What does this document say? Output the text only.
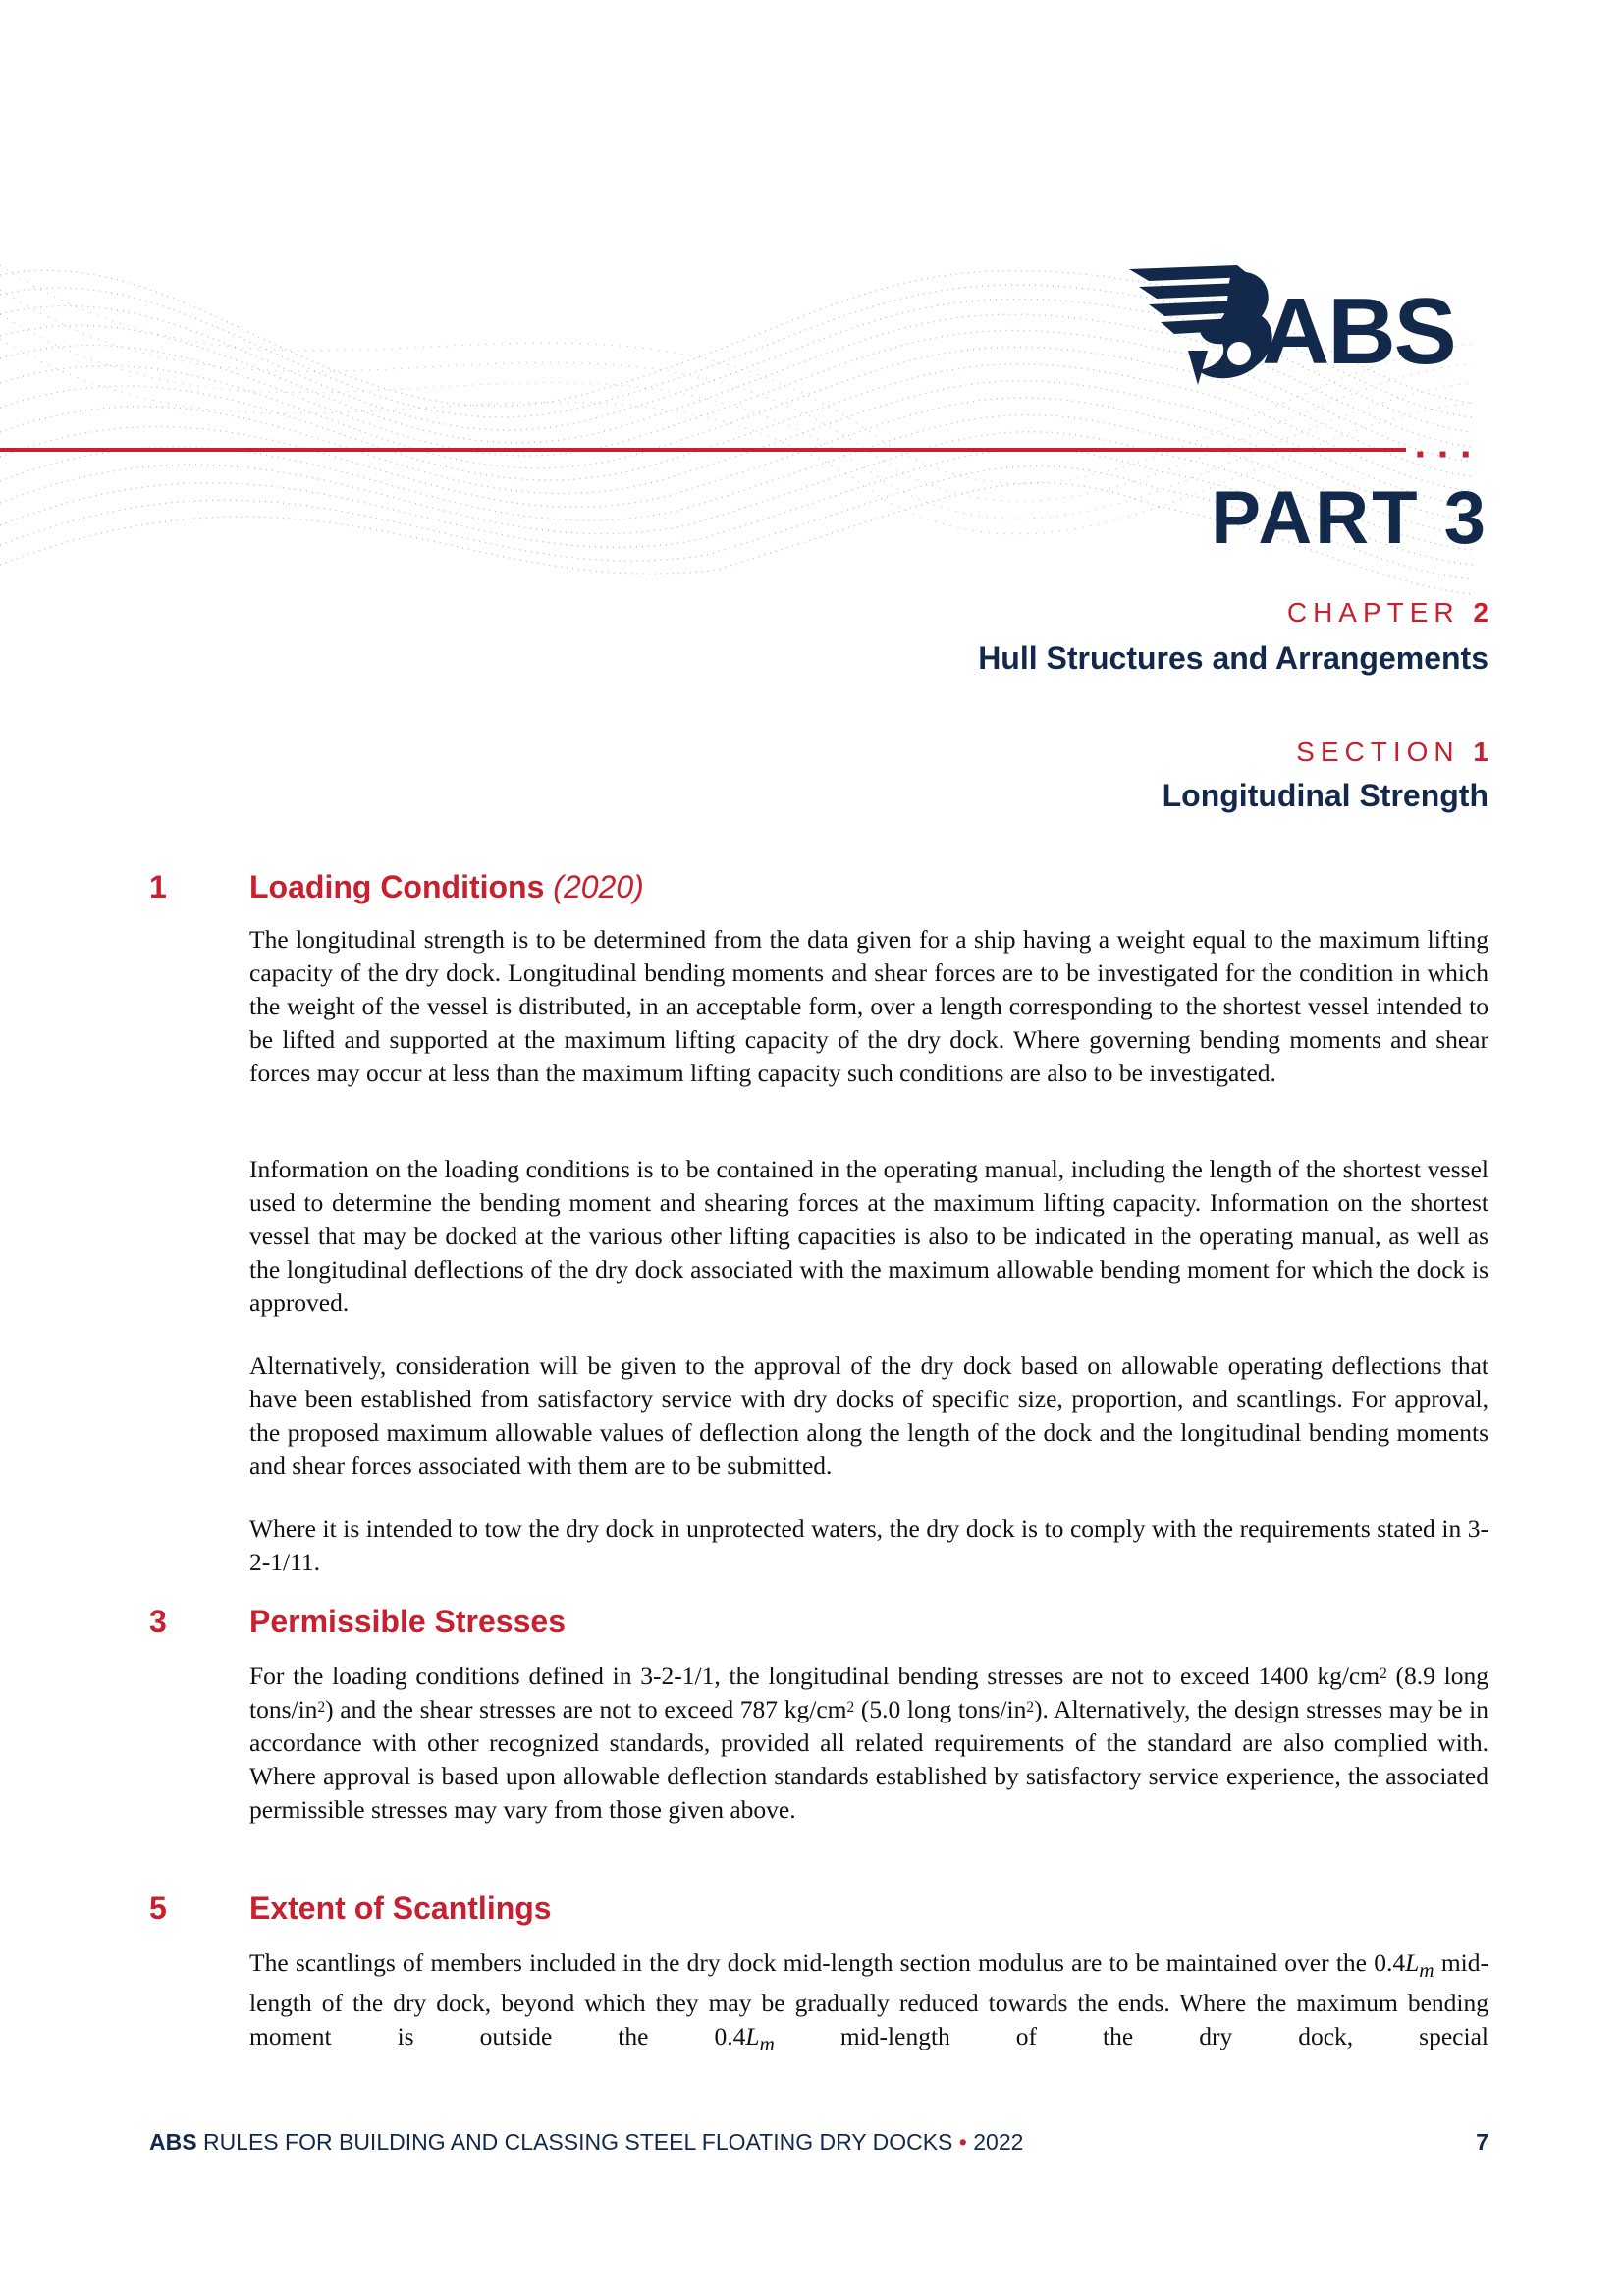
▪ ▪ ▪
ABS
PART 3
CHAPTER 2
Hull Structures and Arrangements
SECTION 1
Longitudinal Strength
1	Loading Conditions (2020)

The longitudinal strength is to be determined from the data given for a ship having a weight equal to the maximum lifting capacity of the dry dock. Longitudinal bending moments and shear forces are to be investigated for the condition in which the weight of the vessel is distributed, in an acceptable form, over a length corresponding to the shortest vessel intended to be lifted and supported at the maximum lifting capacity of the dry dock. Where governing bending moments and shear forces may occur at less than the maximum lifting capacity such conditions are also to be investigated.

Information on the loading conditions is to be contained in the operating manual, including the length of the shortest vessel used to determine the bending moment and shearing forces at the maximum lifting capacity. Information on the shortest vessel that may be docked at the various other lifting capacities is also to be indicated in the operating manual, as well as the longitudinal deflections of the dry dock associated with the maximum allowable bending moment for which the dock is approved.

Alternatively, consideration will be given to the approval of the dry dock based on allowable operating deflections that have been established from satisfactory service with dry docks of specific size, proportion, and scantlings. For approval, the proposed maximum allowable values of deflection along the length of the dock and the longitudinal bending moments and shear forces associated with them are to be submitted.

Where it is intended to tow the dry dock in unprotected waters, the dry dock is to comply with the requirements stated in 3-2-1/11.

3	Permissible Stresses

For the loading conditions defined in 3-2-1/1, the longitudinal bending stresses are not to exceed 1400 $kg/cm^2$ (8.9 long tons/$in^2$) and the shear stresses are not to exceed 787 $kg/cm^2$ (5.0 long tons/$in^2$). Alternatively, the design stresses may be in accordance with other recognized standards, provided all related requirements of the standard are also complied with. Where approval is based upon allowable deflection standards established by satisfactory service experience, the associated permissible stresses may vary from those given above.

5	Extent of Scantlings

The scantlings of members included in the dry dock mid-length section modulus are to be maintained over the $0.4L_m$ mid-length of the dry dock, beyond which they may be gradually reduced towards the ends. Where the maximum bending moment is outside the $0.4L_m$ mid-length of the dry dock, special

ABS RULES FOR BUILDING AND CLASSING STEEL FLOATING DRY DOCKS • 2022	7
